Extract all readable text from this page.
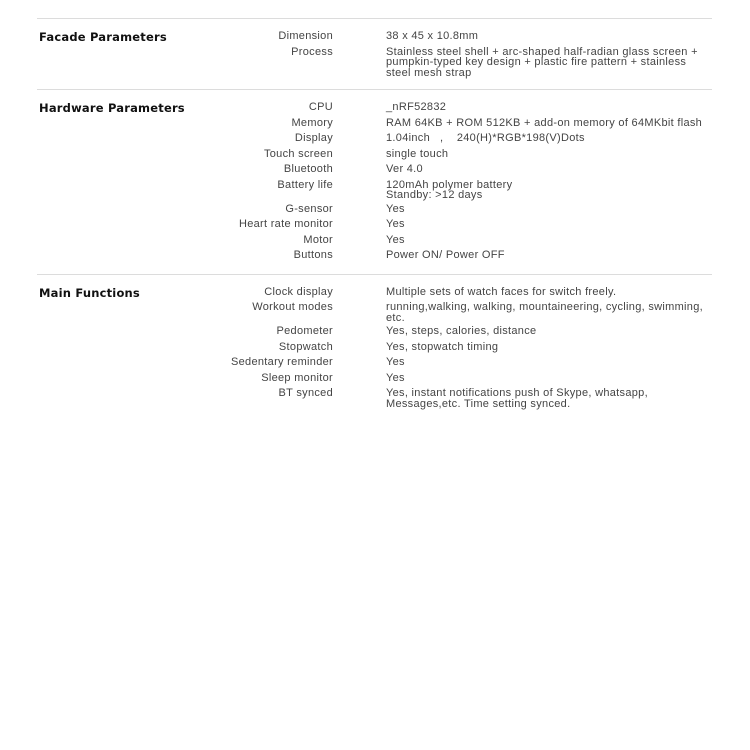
Facade Parameters	Dimension	38 x 45 x 10.8mm
Process	Stainless steel shell + arc-shaped half-radian glass screen + pumpkin-typed key design + plastic fire pattern + stainless steel mesh strap
Hardware Parameters	CPU	_nRF52832
Memory	RAM 64KB + ROM 512KB + add-on memory of 64MKbit flash
Display	1.04inch   ,    240(H)*RGB*198(V)Dots
Touch screen	single touch
Bluetooth	Ver 4.0
Battery life	120mAh polymer battery Standby: >12 days
G-sensor	Yes
Heart rate monitor	Yes
Motor	Yes
Buttons	Power ON/ Power OFF
Main Functions	Clock display	Multiple sets of watch faces for switch freely.
Workout modes	running,walking, walking, mountaineering, cycling, swimming, etc.
Pedometer	Yes, steps, calories, distance
Stopwatch	Yes, stopwatch timing
Sedentary reminder	Yes
Sleep monitor	Yes
BT synced	Yes, instant notifications push of Skype, whatsapp, Messages,etc. Time setting synced.
